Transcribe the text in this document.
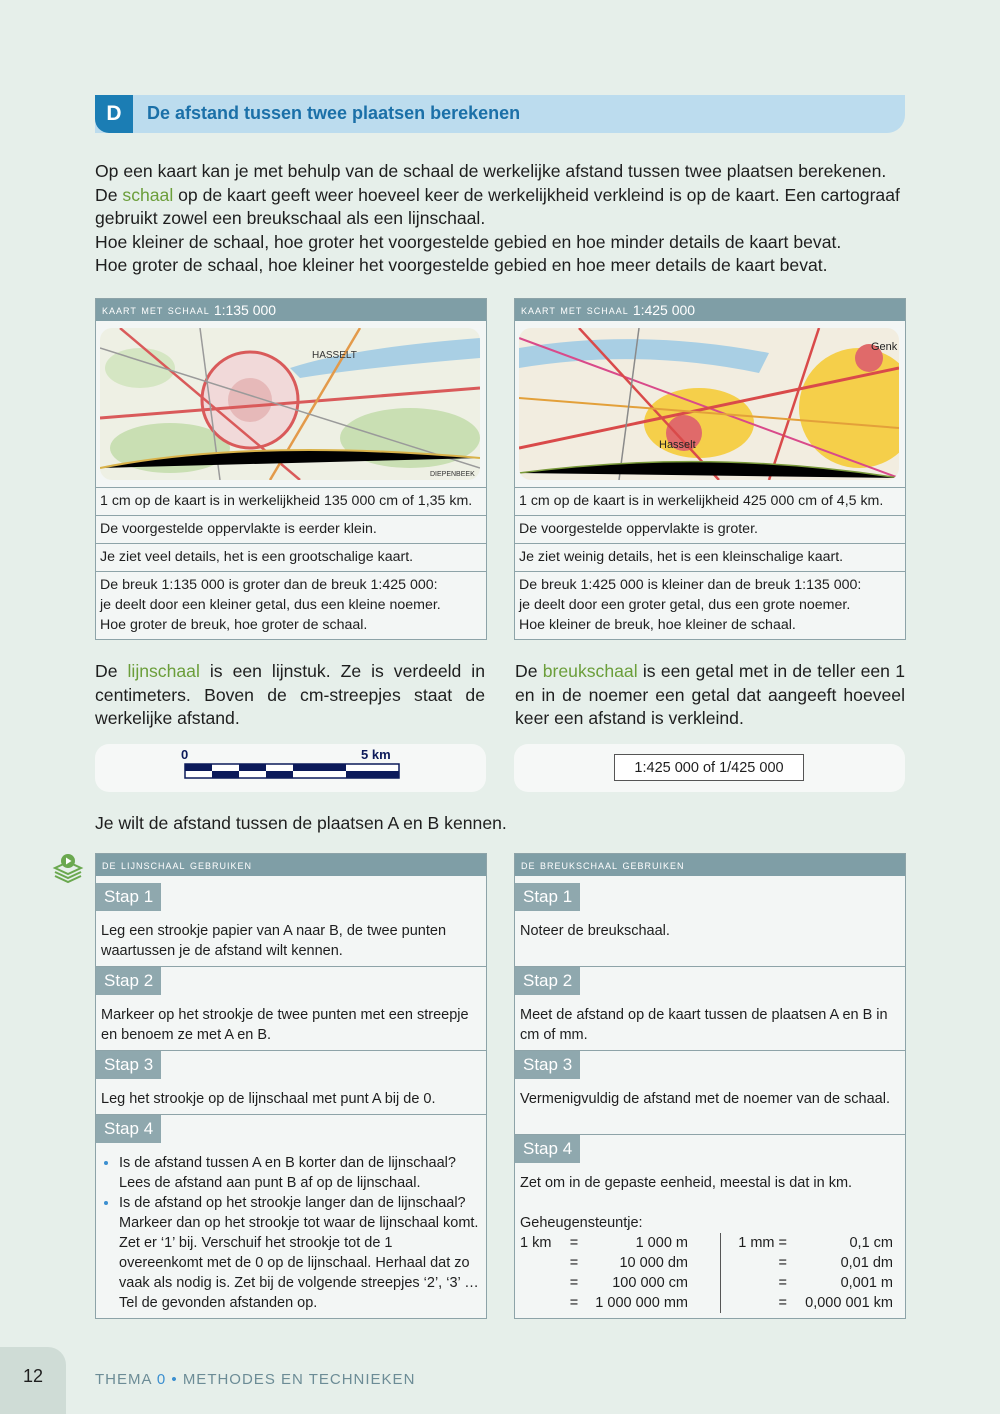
D	De afstand tussen twee plaatsen berekenen

Op een kaart kan je met behulp van de schaal de werkelijke afstand tussen twee plaatsen berekenen.

De schaal op de kaart geeft weer hoeveel keer de werkelijkheid verkleind is op de kaart. Een cartograaf

gebruikt zowel een breukschaal als een lijnschaal.

Hoe kleiner de schaal, hoe groter het voorgestelde gebied en hoe minder details de kaart bevat.

Hoe groter de schaal, hoe kleiner het voorgestelde gebied en hoe meer details de kaart bevat.

kaart met schaal 1:135 000
HASSELT
DIEPENBEEK
1 cm op de kaart is in werkelijkheid 135 000 cm of 1,35 km.
De voorgestelde oppervlakte is eerder klein.
Je ziet veel details, het is een grootschalige kaart.
De breuk 1:135 000 is groter dan de breuk 1:425 000:
je deelt door een kleiner getal, dus een kleine noemer.
Hoe groter de breuk, hoe groter de schaal.
kaart met schaal 1:425 000
Hasselt
Genk
1 cm op de kaart is in werkelijkheid 425 000 cm of 4,5 km.
De voorgestelde oppervlakte is groter.
Je ziet weinig details, het is een kleinschalige kaart.
De breuk 1:425 000 is kleiner dan de breuk 1:135 000:
je deelt door een groter getal, dus een grote noemer.
Hoe kleiner de breuk, hoe kleiner de schaal.
De lijnschaal is een lijnstuk. Ze is verdeeld in centimeters. Boven de cm-streepjes staat de werkelijke afstand.
De breukschaal is een getal met in de teller een 1 en in de noemer een getal dat aangeeft hoeveel keer een afstand is verkleind.
0	5 km
1:425 000 of 1/425 000
Je wilt de afstand tussen de plaatsen A en B kennen.
de lijnschaal gebruiken
Stap 1
Leg een strookje papier van A naar B, de twee punten waartussen je de afstand wilt kennen.
Stap 2
Markeer op het strookje de twee punten met een streepje en benoem ze met A en B.
Stap 3
Leg het strookje op de lijnschaal met punt A bij de 0.
Stap 4
• Is de afstand tussen A en B korter dan de lijnschaal? Lees de afstand aan punt B af op de lijnschaal.
• Is de afstand op het strookje langer dan de lijnschaal? Markeer dan op het strookje tot waar de lijnschaal komt. Zet er ‘1’ bij. Verschuif het strookje tot de 1 overeenkomt met de 0 op de lijnschaal. Herhaal dat zo vaak als nodig is. Zet bij de volgende streepjes ‘2’, ‘3’ … Tel de gevonden afstanden op.
de breukschaal gebruiken
Stap 1
Noteer de breukschaal.
Stap 2
Meet de afstand op de kaart tussen de plaatsen A en B in cm of mm.
Stap 3
Vermenigvuldig de afstand met de noemer van de schaal.
Stap 4
Zet om in de gepaste eenheid, meestal is dat in km.
Geheugensteuntje:
1 km	=	1 000 m		1 mm =	0,1 cm
	=	10 000 dm		=	0,01 dm
	=	100 000 cm		=	0,001 m
	=	1 000 000 mm		=	0,000 001 km
12	THEMA 0 • METHODES EN TECHNIEKEN
